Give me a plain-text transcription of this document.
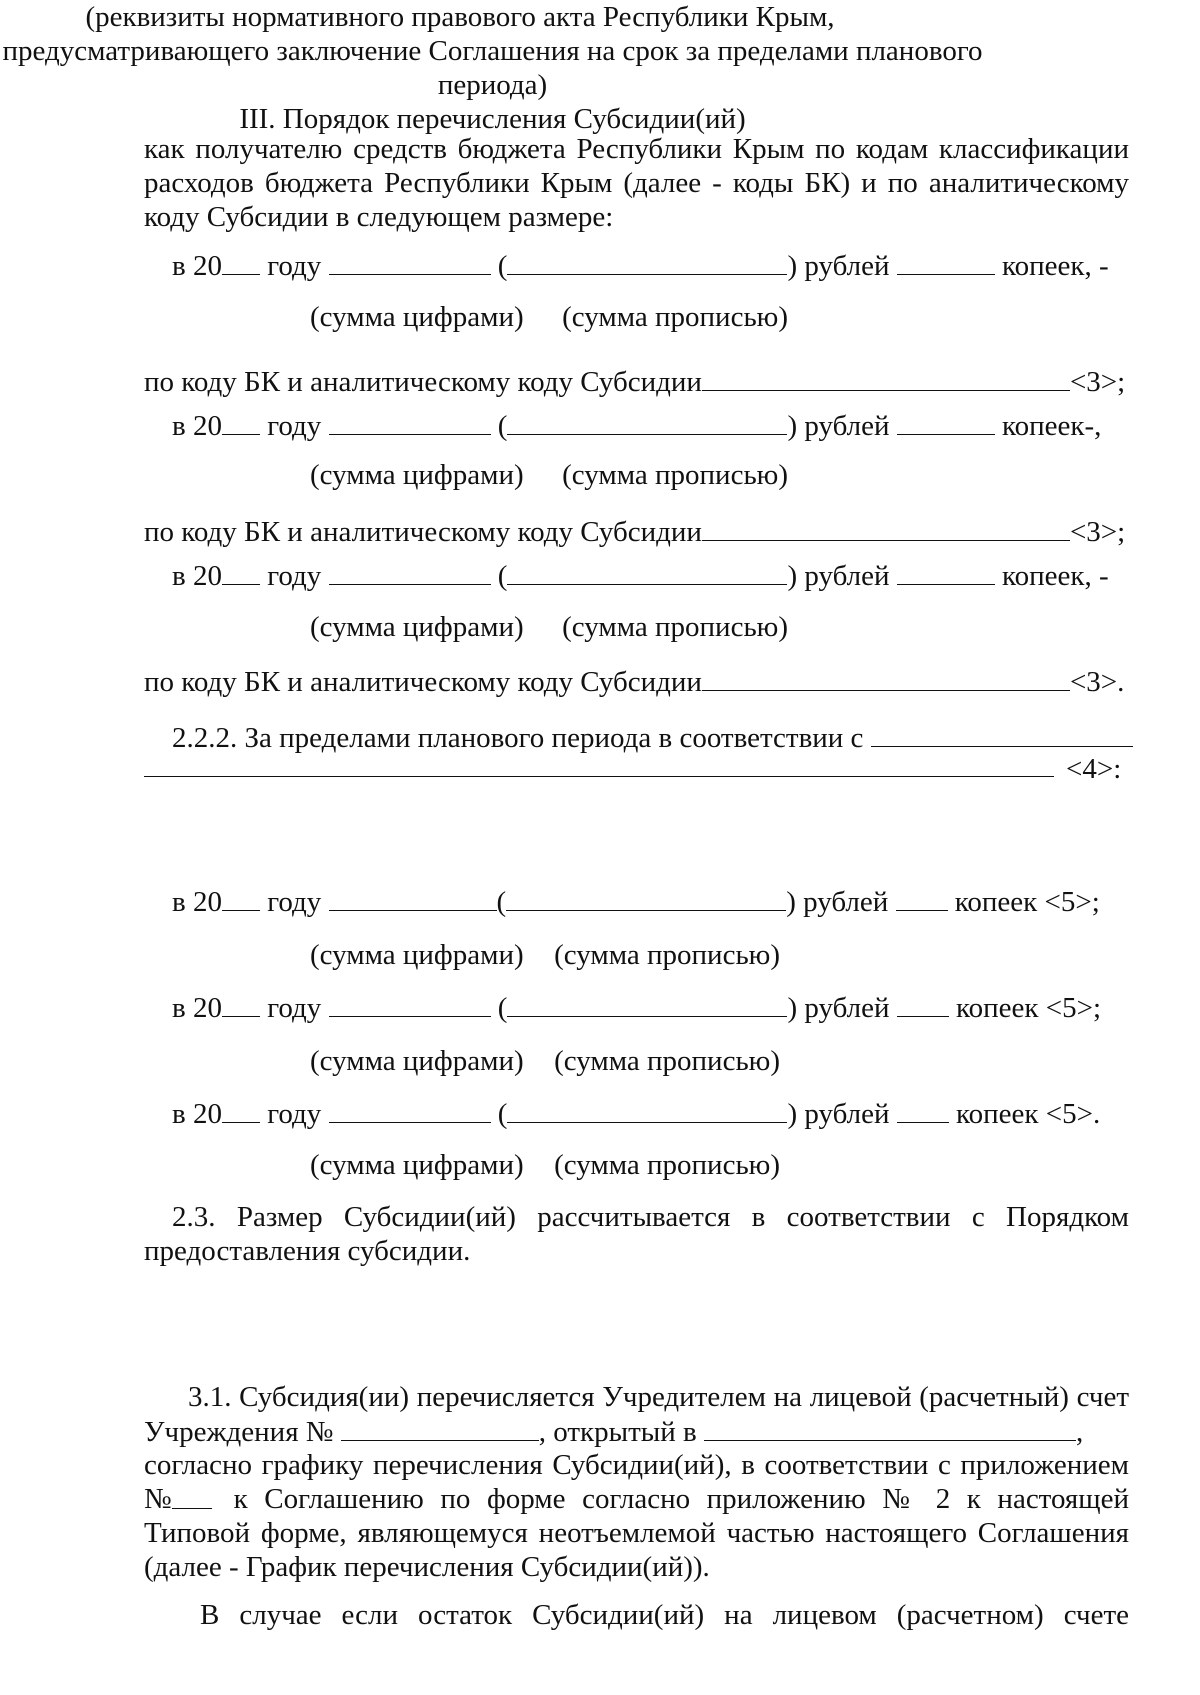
как получателю средств бюджета Республики Крым по кодам классификации
расходов бюджета Республики Крым (далее - коды БК) и по аналитическому
коду Субсидии в следующем размере:
в 20 году	(	) рублей	копеек, -
(сумма цифрами) (сумма прописью)
по коду БК и аналитическому коду Субсидии	<3>;
в 20 году	(	) рублей	копеек-,
(сумма цифрами) (сумма прописью)
по коду БК и аналитическому коду Субсидии	<3>;
в 20 году	(	) рублей	копеек, -
(сумма цифрами) (сумма прописью)
по коду БК и аналитическому коду Субсидии	<3>.
2.2.2. За пределами планового периода в соответствии с
<4>:
(реквизиты нормативного правового акта Республики Крым,
предусматривающего заключение Соглашения на срок за пределами планового
периода)
в 20 году	(	) рублей копеек <5>;
(сумма цифрами) (сумма прописью)
в 20 году	(	) рублей копеек <5>;
(сумма цифрами) (сумма прописью)
в 20 году	(	) рублей копеек <5>.
(сумма цифрами) (сумма прописью)
2.3. Размер Субсидии(ий) рассчитывается в соответствии с Порядком
предоставления субсидии.
III. Порядок перечисления Субсидии(ий)
3.1. Субсидия(ии) перечисляется Учредителем на лицевой (расчетный) счет
Учреждения №	, открытый в	,
согласно графику перечисления Субсидии(ий), в соответствии с приложением
№ к Соглашению по форме согласно приложению № 2 к настоящей
Типовой форме, являющемуся неотъемлемой частью настоящего Соглашения
(далее - График перечисления Субсидии(ий)).
В случае если остаток Субсидии(ий) на лицевом (расчетном) счете
